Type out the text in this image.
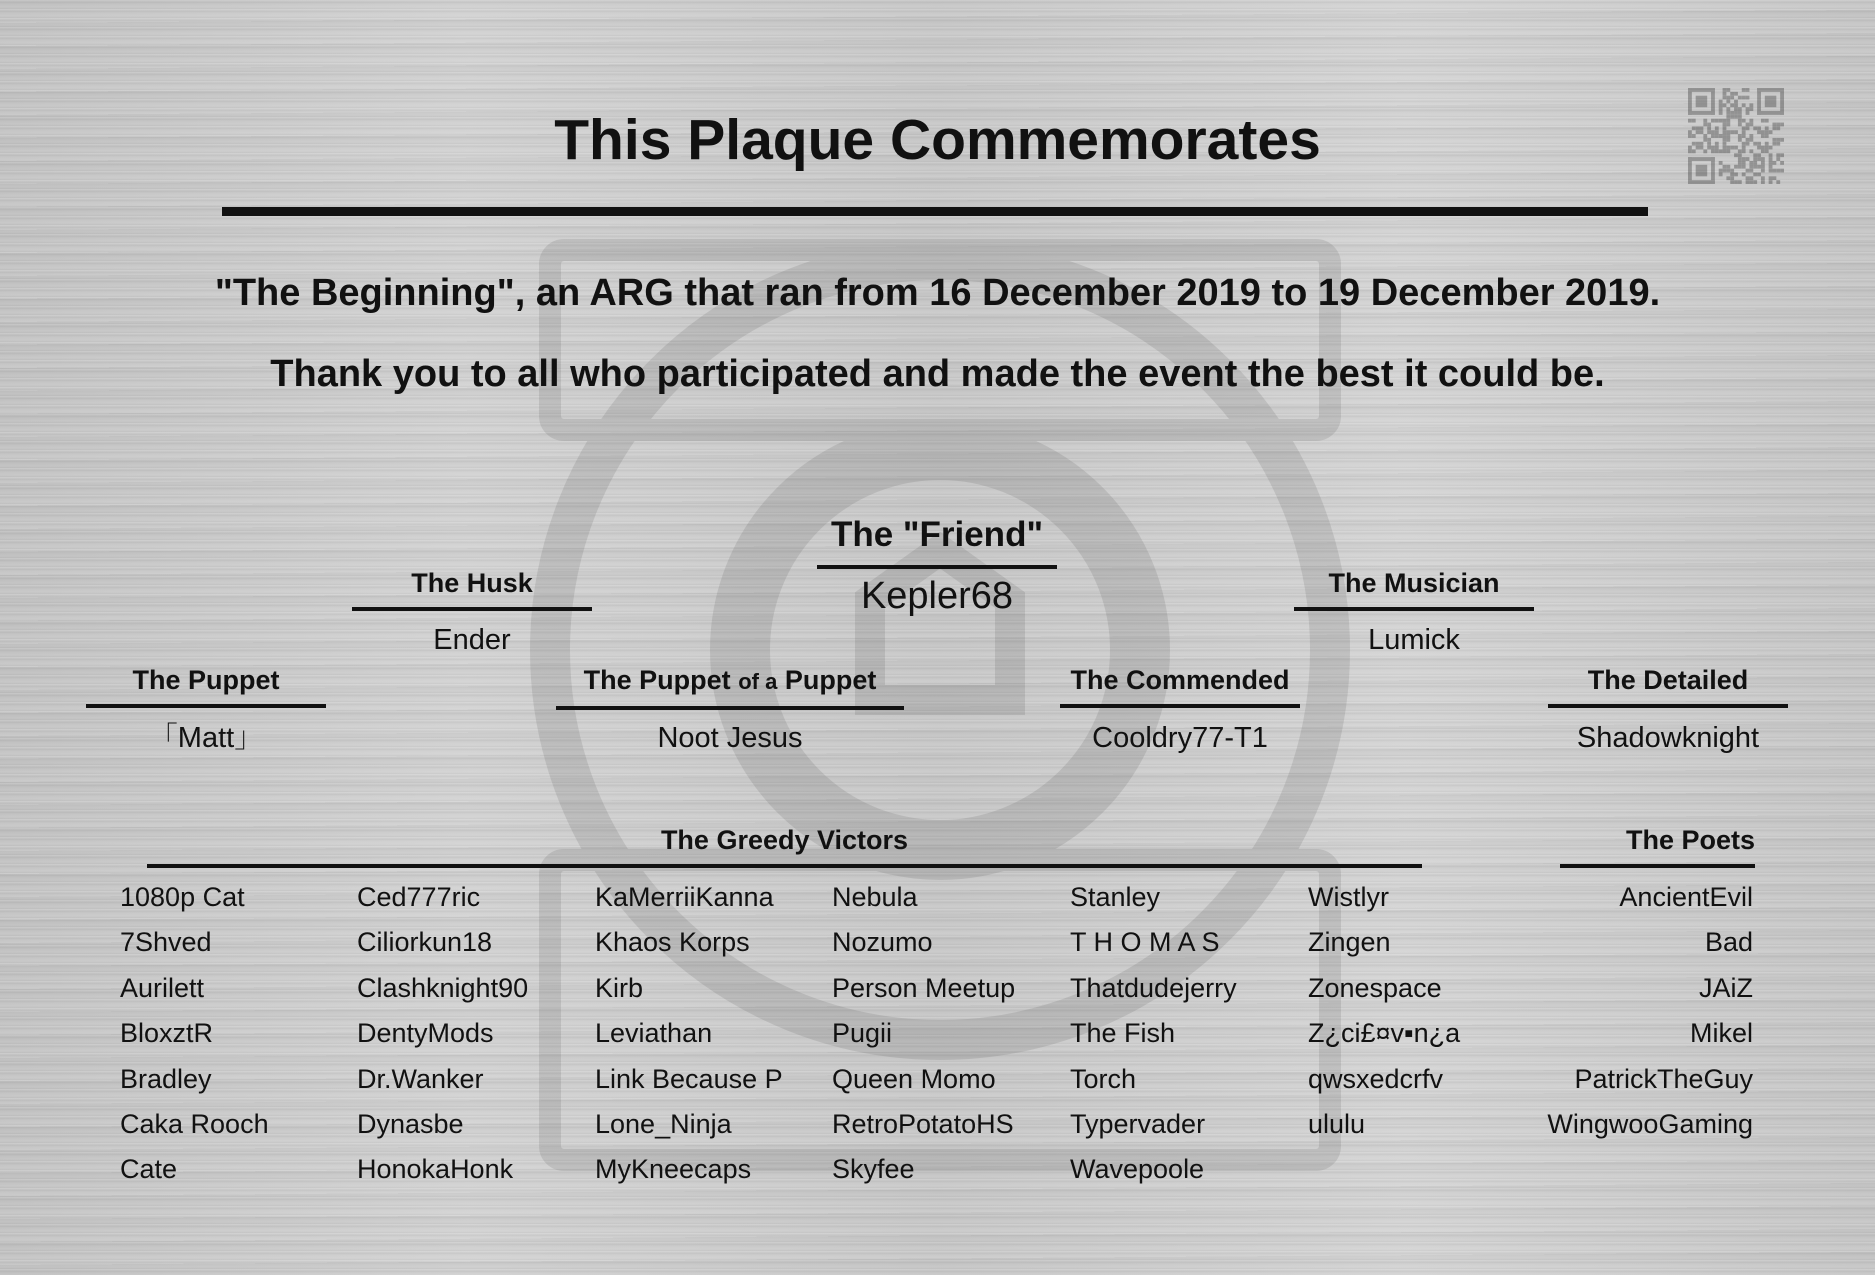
This Plaque Commemorates
"The Beginning", an ARG that ran from 16 December 2019 to 19 December 2019.
Thank you to all who participated and made the event the best it could be.
The "Friend"
Kepler68
The Husk
Ender
The Musician
Lumick
The Puppet
「Matt」
The Puppet of a Puppet
Noot Jesus
The Commended
Cooldry77-T1
The Detailed
Shadowknight
The Greedy Victors
1080p Cat
7Shved
Aurilett
BloxztR
Bradley
Caka Rooch
Cate
Ced777ric
Ciliorkun18
Clashknight90
DentyMods
Dr.Wanker
Dynasbe
HonokaHonk
KaMerriiKanna
Khaos Korps
Kirb
Leviathan
Link Because P
Lone_Ninja
MyKneecaps
Nebula
Nozumo
Person Meetup
Pugii
Queen Momo
RetroPotatoHS
Skyfee
Stanley
T H O M A S
Thatdudejerry
The Fish
Torch
Typervader
Wavepoole
Wistlyr
Zingen
Zonespace
Z¿ci£¤v▪n¿a
qwsxedcrfv
ululu
The Poets
AncientEvil
Bad
JAiZ
Mikel
PatrickTheGuy
WingwooGaming
